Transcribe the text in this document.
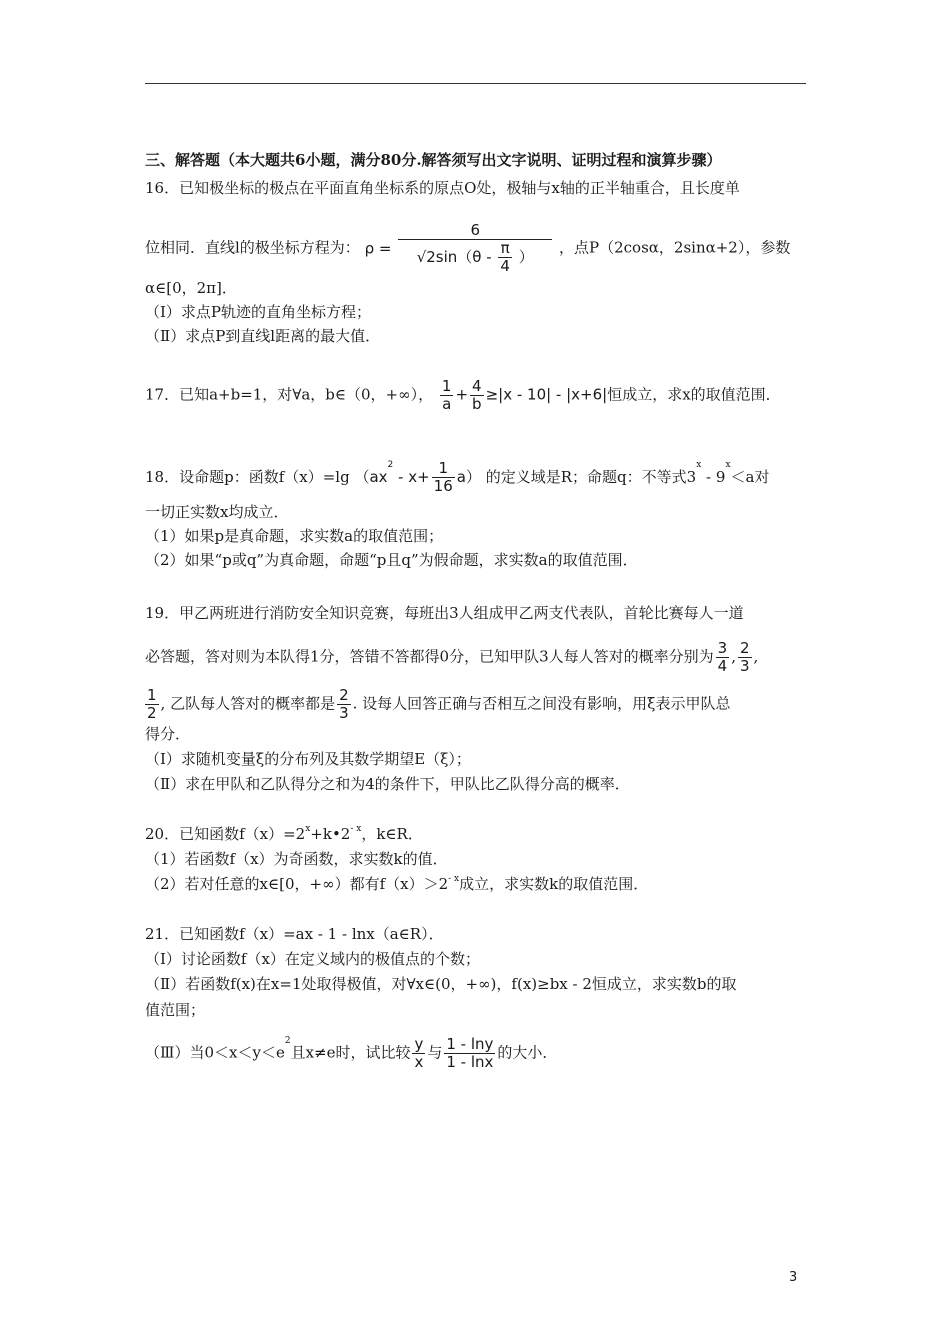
三、解答题（本大题共6小题，满分80分.解答须写出文字说明、证明过程和演算步骤）
16．已知极坐标的极点在平面直角坐标系的原点O处，极轴与x轴的正半轴重合，且长度单
位相同．直线l的极坐标方程为： ρ =
6
$√2\sin(\theta - \frac{\pi}{4}$ ）
，点P（2cosα，2sinα+2），参数
α∈[0，2π]．
（Ⅰ）求点P轨迹的直角坐标方程；
（Ⅱ）求点P到直线l距离的最大值．
17．已知a+b=1，对∀a，b∈（0，+∞）， $\frac{1}{a} + \frac{4}{b} \ge|x - 10| - |x+6|$恒成立，求x的取值范围．
18．设命题p：函数f（x）=lg $(ax^2 - x+ \frac{1}{16} a)$ 的定义域是R；命题q：不等式$3^x - 9^x<a$对
一切正实数x均成立．
（1）如果p是真命题，求实数a的取值范围；
（2）如果“p或q”为真命题，命题“p且q”为假命题，求实数a的取值范围．
19．甲乙两班进行消防安全知识竞赛，每班出3人组成甲乙两支代表队，首轮比赛每人一道
必答题，答对则为本队得1分，答错不答都得0分，已知甲队3人每人答对的概率分别为 $\frac{3}{4}$ , $\frac{2}{3}$ ,
$\frac{1}{2}$ , 乙队每人答对的概率都是 $\frac{2}{3}$ . 设每人回答正确与否相互之间没有影响，用ξ表示甲队总
得分．
（Ⅰ）求随机变量ξ的分布列及其数学期望E（ξ）；
（Ⅱ）求在甲队和乙队得分之和为4的条件下，甲队比乙队得分高的概率．
20．已知函数$f(x)=2^x+k•2^{- x}$，k∈R．
（1）若函数f（x）为奇函数，求实数k的值．
（2）若对任意的x∈[0，+∞）都有$f(x)>2^{- x}$成立，求实数k的取值范围．
21．已知函数f（x）=ax - 1 - lnx（a∈R）．
（Ⅰ）讨论函数f（x）在定义域内的极值点的个数；
（Ⅱ）若函数f(x)在x=1处取得极值，对∀x∈(0，+∞)，f(x)≥bx - 2恒成立，求实数b的取
值范围；
（Ⅲ）当$0<x<y<e^2$且x≠e时，试比较 $\frac{y}{x}$ 与 $\frac{1 - \ln y}{1 - \ln x}$ 的大小．
3
